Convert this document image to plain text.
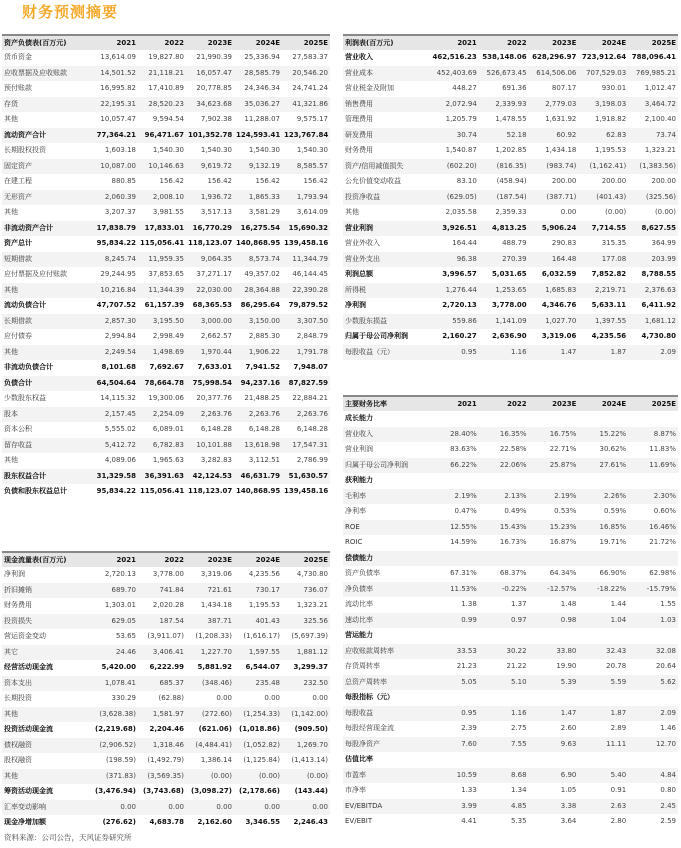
财务预测摘要
资产负债表(百万元)	2021	2022	2023E	2024E	2025E
货币资金	13,614.09	19,827.80	21,990.39	25,336.94	27,583.37
应收票据及应收账款	14,501.52	21,118.21	16,057.47	28,585.79	20,546.20
预付账款	16,995.82	17,410.89	20,778.85	24,346.34	24,741.24
存货	22,195.31	28,520.23	34,623.68	35,036.27	41,321.86
其他	10,057.47	9,594.54	7,902.38	11,288.07	9,575.17
流动资产合计	77,364.21	96,471.67	101,352.78	124,593.41	123,767.84
长期股权投资	1,603.18	1,540.30	1,540.30	1,540.30	1,540.30
固定资产	10,087.00	10,146.63	9,619.72	9,132.19	8,585.57
在建工程	880.85	156.42	156.42	156.42	156.42
无形资产	2,060.39	2,008.10	1,936.72	1,865.33	1,793.94
其他	3,207.37	3,981.55	3,517.13	3,581.29	3,614.09
非流动资产合计	17,838.79	17,833.01	16,770.29	16,275.54	15,690.32
资产总计	95,834.22	115,056.41	118,123.07	140,868.95	139,458.16
短期借款	8,245.74	11,959.35	9,064.35	8,573.74	11,344.79
应付票据及应付账款	29,244.95	37,853.65	37,271.17	49,357.02	46,144.45
其他	10,216.84	11,344.39	22,030.00	28,364.88	22,390.28
流动负债合计	47,707.52	61,157.39	68,365.53	86,295.64	79,879.52
长期借款	2,857.30	3,195.50	3,000.00	3,150.00	3,307.50
应付债券	2,994.84	2,998.49	2,662.57	2,885.30	2,848.79
其他	2,249.54	1,498.69	1,970.44	1,906.22	1,791.78
非流动负债合计	8,101.68	7,692.67	7,633.01	7,941.52	7,948.07
负债合计	64,504.64	78,664.78	75,998.54	94,237.16	87,827.59
少数股东权益	14,115.32	19,300.06	20,377.76	21,488.25	22,884.21
股本	2,157.45	2,254.09	2,263.76	2,263.76	2,263.76
资本公积	5,555.02	6,089.01	6,148.28	6,148.28	6,148.28
留存收益	5,412.72	6,782.83	10,101.88	13,618.98	17,547.31
其他	4,089.06	1,965.63	3,282.83	3,112.51	2,786.99
股东权益合计	31,329.58	36,391.63	42,124.53	46,631.79	51,630.57
负债和股东权益总计	95,834.22	115,056.41	118,123.07	140,868.95	139,458.16
利润表(百万元)	2021	2022	2023E	2024E	2025E
营业收入	462,516.23	538,148.06	628,296.97	723,912.64	788,096.41
营业成本	452,403.69	526,673.45	614,506.06	707,529.03	769,985.21
营业税金及附加	448.27	691.36	807.17	930.01	1,012.47
销售费用	2,072.94	2,339.93	2,779.03	3,198.03	3,464.72
管理费用	1,205.79	1,478.55	1,631.92	1,918.82	2,100.40
研发费用	30.74	52.18	60.92	62.83	73.74
财务费用	1,540.87	1,202.85	1,434.18	1,195.53	1,323.21
资产/信用减值损失	(602.20)	(816.35)	(983.74)	(1,162.41)	(1,383.56)
公允价值变动收益	83.10	(458.94)	200.00	200.00	200.00
投资净收益	(629.05)	(187.54)	(387.71)	(401.43)	(325.56)
其他	2,035.58	2,359.33	0.00	(0.00)	(0.00)
营业利润	3,926.51	4,813.25	5,906.24	7,714.55	8,627.55
营业外收入	164.44	488.79	290.83	315.35	364.99
营业外支出	96.38	270.39	164.48	177.08	203.99
利润总额	3,996.57	5,031.65	6,032.59	7,852.82	8,788.55
所得税	1,276.44	1,253.65	1,685.83	2,219.71	2,376.63
净利润	2,720.13	3,778.00	4,346.76	5,633.11	6,411.92
少数股东损益	559.86	1,141.09	1,027.70	1,397.55	1,681.12
归属于母公司净利润	2,160.27	2,636.90	3,319.06	4,235.56	4,730.80
每股收益（元）	0.95	1.16	1.47	1.87	2.09
主要财务比率	2021	2022	2023E	2024E	2025E
成长能力					
营业收入	28.40%	16.35%	16.75%	15.22%	8.87%
营业利润	83.63%	22.58%	22.71%	30.62%	11.83%
归属于母公司净利润	66.22%	22.06%	25.87%	27.61%	11.69%
获利能力					
毛利率	2.19%	2.13%	2.19%	2.26%	2.30%
净利率	0.47%	0.49%	0.53%	0.59%	0.60%
ROE	12.55%	15.43%	15.23%	16.85%	16.46%
ROIC	14.59%	16.73%	16.87%	19.71%	21.72%
偿债能力					
资产负债率	67.31%	68.37%	64.34%	66.90%	62.98%
净负债率	11.53%	-0.22%	-12.57%	-18.22%	-15.79%
流动比率	1.38	1.37	1.48	1.44	1.55
速动比率	0.99	0.97	0.98	1.04	1.03
营运能力					
应收账款周转率	33.53	30.22	33.80	32.43	32.08
存货周转率	21.23	21.22	19.90	20.78	20.64
总资产周转率	5.05	5.10	5.39	5.59	5.62
每股指标（元）					
每股收益	0.95	1.16	1.47	1.87	2.09
每股经营现金流	2.39	2.75	2.60	2.89	1.46
每股净资产	7.60	7.55	9.63	11.11	12.70
估值比率					
市盈率	10.59	8.68	6.90	5.40	4.84
市净率	1.33	1.34	1.05	0.91	0.80
EV/EBITDA	3.99	4.85	3.38	2.63	2.45
EV/EBIT	4.41	5.35	3.64	2.80	2.59
现金流量表(百万元)	2021	2022	2023E	2024E	2025E
净利润	2,720.13	3,778.00	3,319.06	4,235.56	4,730.80
折旧摊销	689.70	741.84	721.61	730.17	736.07
财务费用	1,303.01	2,020.28	1,434.18	1,195.53	1,323.21
投资损失	629.05	187.54	387.71	401.43	325.56
营运资金变动	53.65	(3,911.07)	(1,208.33)	(1,616.17)	(5,697.39)
其它	24.46	3,406.41	1,227.70	1,597.55	1,881.12
经营活动现金流	5,420.00	6,222.99	5,881.92	6,544.07	3,299.37
资本支出	1,078.41	685.37	(348.46)	235.48	232.50
长期投资	330.29	(62.88)	0.00	0.00	0.00
其他	(3,628.38)	1,581.97	(272.60)	(1,254.33)	(1,142.00)
投资活动现金流	(2,219.68)	2,204.46	(621.06)	(1,018.86)	(909.50)
债权融资	(2,906.52)	1,318.46	(4,484.41)	(1,052.82)	1,269.70
股权融资	(198.59)	(1,492.79)	1,386.14	(1,125.84)	(1,413.14)
其他	(371.83)	(3,569.35)	(0.00)	(0.00)	(0.00)
筹资活动现金流	(3,476.94)	(3,743.68)	(3,098.27)	(2,178.66)	(143.44)
汇率变动影响	0.00	0.00	0.00	0.00	0.00
现金净增加额	(276.62)	4,683.78	2,162.60	3,346.55	2,246.43
资料来源：公司公告，天风证券研究所
